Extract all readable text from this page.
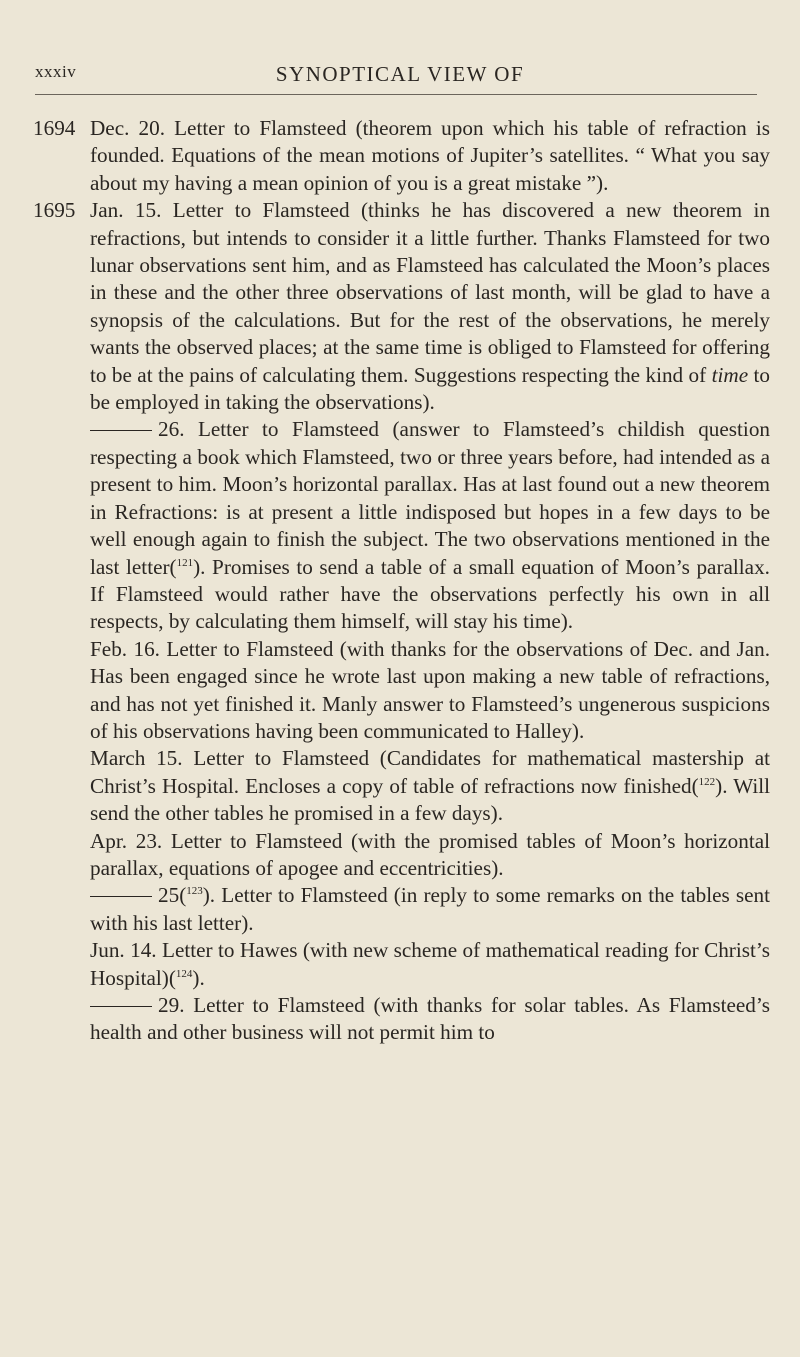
xxxiv	SYNOPTICAL VIEW OF
1694 Dec. 20. Letter to Flamsteed (theorem upon which his table of refraction is founded. Equations of the mean motions of Jupiter’s satellites. “ What you say about my having a mean opinion of you is a great mistake ”).
1695 Jan. 15. Letter to Flamsteed (thinks he has discovered a new theorem in refractions, but intends to consider it a little further. Thanks Flamsteed for two lunar observations sent him, and as Flamsteed has calculated the Moon’s places in these and the other three observations of last month, will be glad to have a synopsis of the calculations. But for the rest of the observations, he merely wants the observed places; at the same time is obliged to Flamsteed for offering to be at the pains of calculating them. Suggestions respecting the kind of time to be employed in taking the observations).
26. Letter to Flamsteed (answer to Flamsteed’s childish question respecting a book which Flamsteed, two or three years before, had intended as a present to him. Moon’s horizontal parallax. Has at last found out a new theorem in Refractions: is at present a little indisposed but hopes in a few days to be well enough again to finish the subject. The two observations mentioned in the last letter($^{121}$). Promises to send a table of a small equation of Moon’s parallax. If Flamsteed would rather have the observations perfectly his own in all respects, by calculating them himself, will stay his time).
Feb. 16. Letter to Flamsteed (with thanks for the observations of Dec. and Jan. Has been engaged since he wrote last upon making a new table of refractions, and has not yet finished it. Manly answer to Flamsteed’s ungenerous suspicions of his observations having been communicated to Halley).
March 15. Letter to Flamsteed (Candidates for mathematical mastership at Christ’s Hospital. Encloses a copy of table of refractions now finished($^{122}$). Will send the other tables he promised in a few days).
Apr. 23. Letter to Flamsteed (with the promised tables of Moon’s horizontal parallax, equations of apogee and eccentricities).
25($^{123}$). Letter to Flamsteed (in reply to some remarks on the tables sent with his last letter).
Jun. 14. Letter to Hawes (with new scheme of mathematical reading for Christ’s Hospital)($^{124}$).
29. Letter to Flamsteed (with thanks for solar tables. As Flamsteed’s health and other business will not permit him to
